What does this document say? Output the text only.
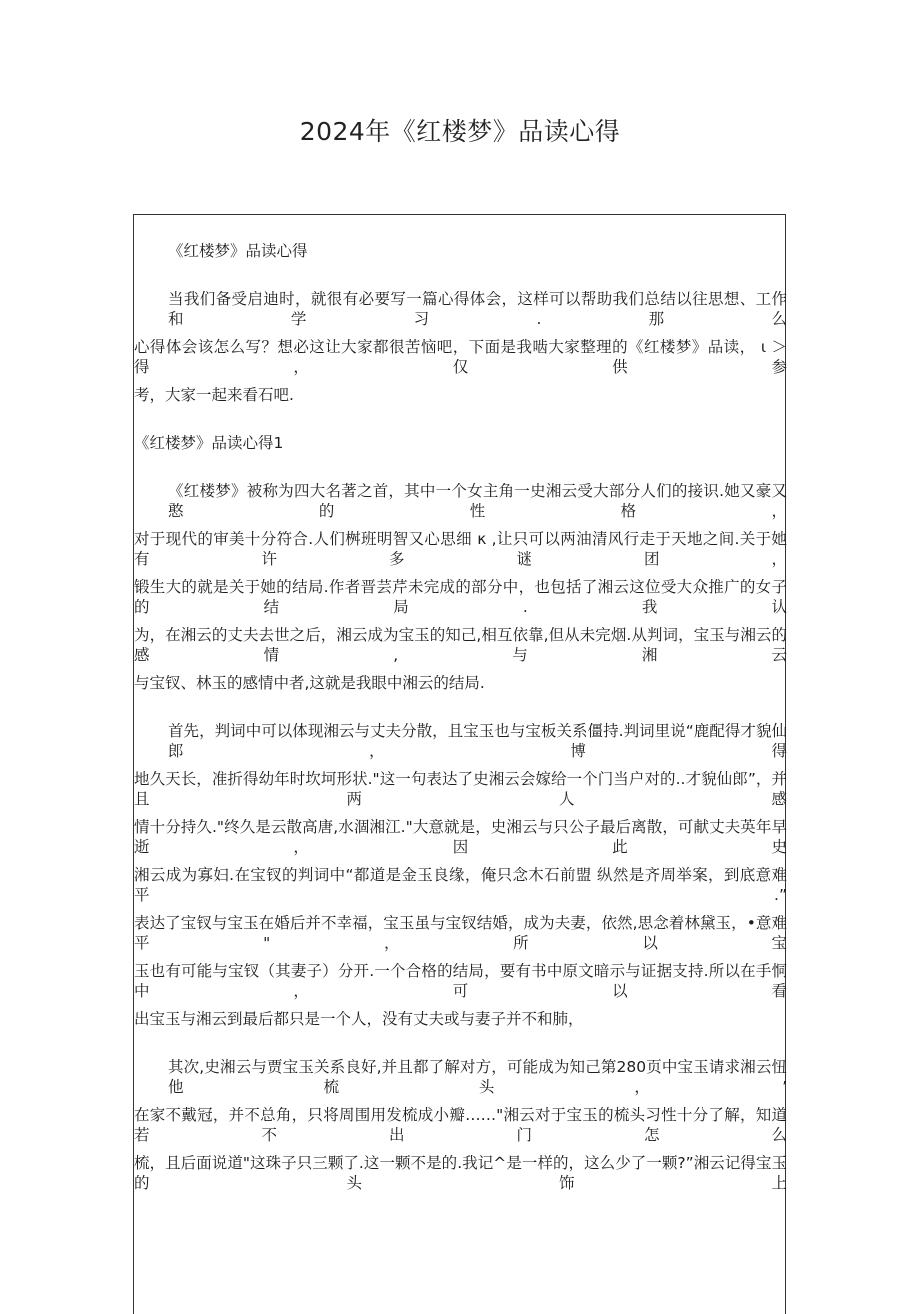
2024年《红楼梦》品读心得
《红楼梦》品读心得
当我们备受启迪时，就很有必要写一篇心得体会，这样可以帮助我们总结以往思想、工作和学习.那么
心得体会该怎么写？想必这让大家都很苦恼吧，下面是我啮大家整理的《红楼梦》品读， ι ＞得，仅供参
考，大家一起来看石吧.
《红楼梦》品读心得1
《红楼梦》被称为四大名著之首，其中一个女主角一史湘云受大部分人们的接识.她又豪又憨的性格，
对于现代的审美十分符合.人们桝班明智又心思细 κ ,让只可以两油清风行走于天地之间.关于她有许多谜团，
锻生大的就是关于她的结局.作者晋芸芹未完成的部分中，也包括了湘云这位受大众推广的女子的结局.我认
为，在湘云的丈夫去世之后，湘云成为宝玉的知己,相互依靠,但从未完烟.从判词，宝玉与湘云的感情,与湘云
与宝钗、林玉的感情中者,这就是我眼中湘云的结局.
首先，判词中可以体现湘云与丈夫分散，且宝玉也与宝板关系僵持.判词里说“鹿配得才貌仙郎，博得
地久天长，准折得幼年时坎坷形状."这一句表达了史湘云会嫁给一个门当户对的..才貌仙郎”，并且两人感
情十分持久."终久是云散高唐,水涸湘江."大意就是，史湘云与只公子最后离散，可献丈夫英年早逝，因此史
湘云成为寡妇.在宝钗的判词中“都道是金玉良缘，俺只念木石前盟 纵然是齐周举案，到底意难平.”
表达了宝钗与宝玉在婚后并不幸福，宝玉虽与宝钗结婚，成为夫妻，依然,思念着林黛玉，•意难平"，所以宝
玉也有可能与宝钗（其妻子）分开.一个合格的结局，要有书中原文暗示与证据支持.所以在手恫中，可以看
出宝玉与湘云到最后都只是一个人，没有丈夫或与妻子并不和肺，
其次,史湘云与贾宝玉关系良好,并且都了解对方，可能成为知己第280页中宝玉请求湘云忸他梳头，’
在家不戴冠，并不总角，只将周围用发梳成小瓣……"湘云对于宝玉的梳头习性十分了解，知道若不出门怎么
梳，且后面说道"这珠子只三颗了.这一颗不是的.我记^是一样的，这么少了一颗?”湘云记得宝玉的头饰上
